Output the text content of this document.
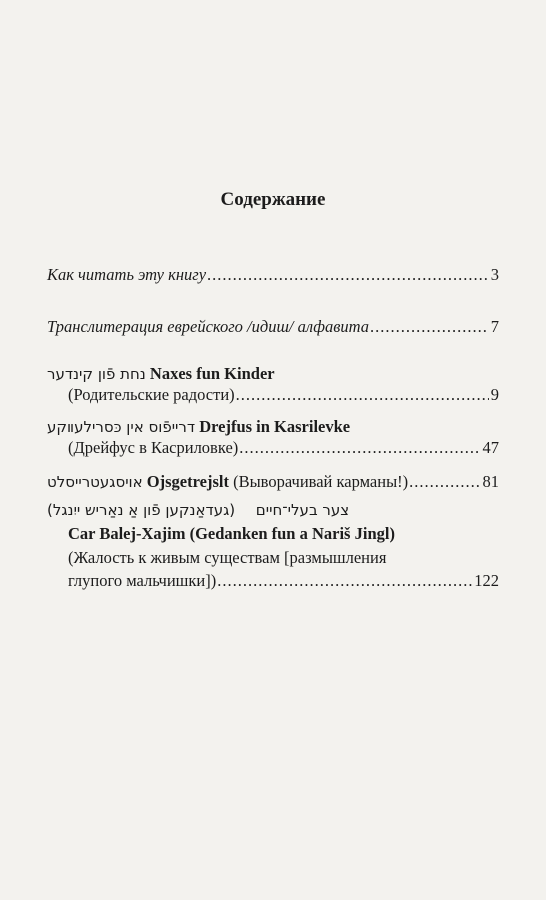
Содержание
Как читать эту книгу .....	3
Транслитерация еврейского /идиш/ алфавита .....	7
נחת פֿון קינדער Naxes fun Kinder
(Родительские радости) .....	9
דרייפֿוס אין כּסרילעװקע Drejfus in Kasrilevke
(Дрейфус в Касриловке) .....	47
אויסגעטרייסלט
Ojsgetrejslt
(Выворачивай карманы!) .....	81
(געדאַנקען פֿון אַ נאַריש ייִנגל) צער בעלי־חיים
Car Balej-Xajim (Gedanken fun a Nariš Jingl)
(Жалость к живым существам [размышления
глупого мальчишки]) .....	122
